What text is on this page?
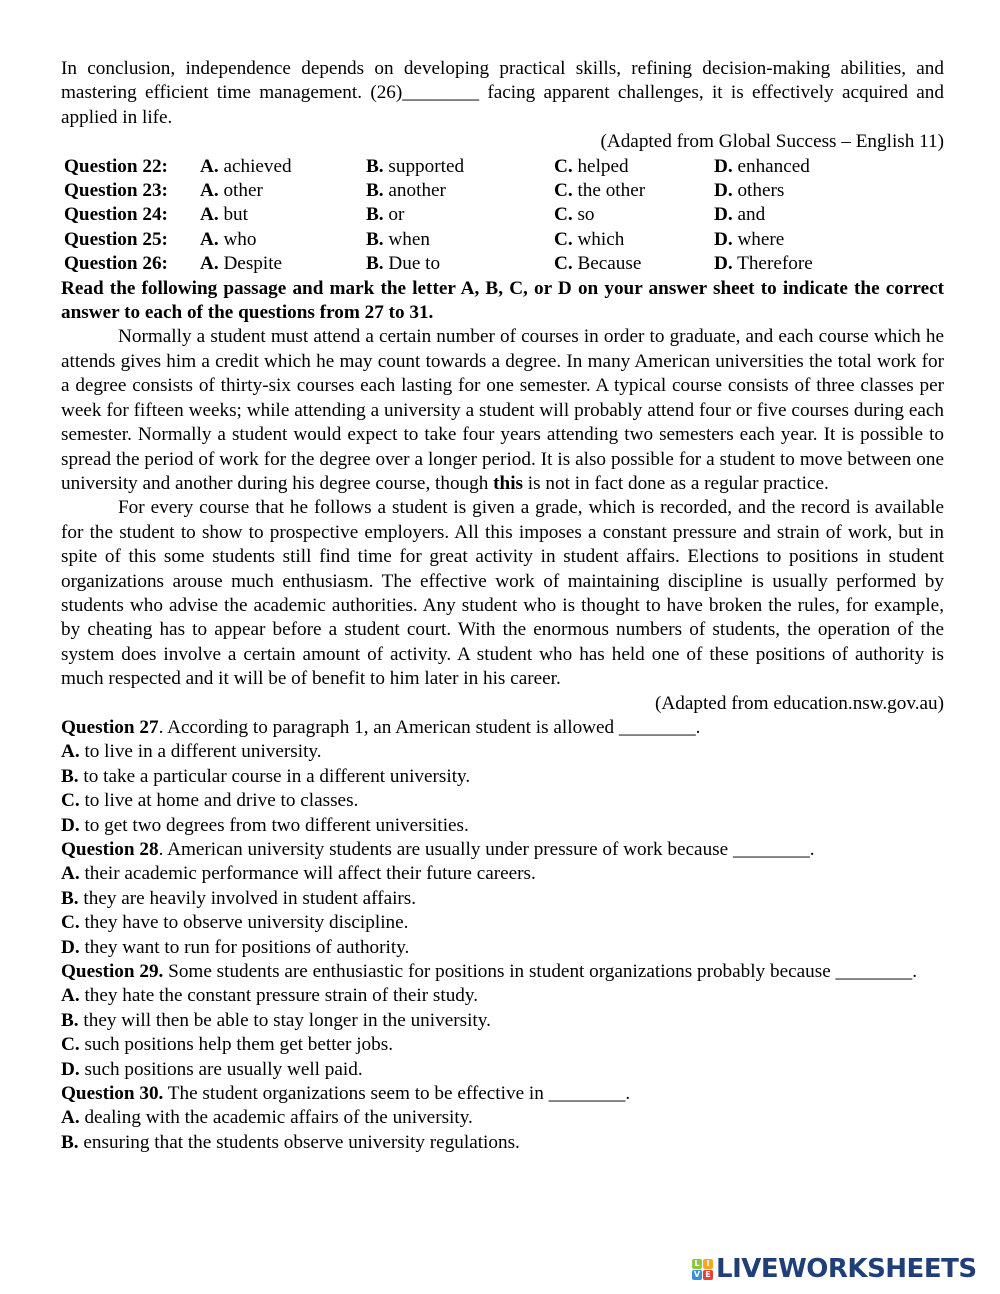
In conclusion, independence depends on developing practical skills, refining decision-making abilities, and mastering efficient time management. (26)________ facing apparent challenges, it is effectively acquired and applied in life.
(Adapted from Global Success – English 11)
Question 22:	A. achieved	B. supported	C. helped	D. enhanced
Question 23:	A. other	B. another	C. the other	D. others
Question 24:	A. but	B. or	C. so	D. and
Question 25:	A. who	B. when	C. which	D. where
Question 26:	A. Despite	B. Due to	C. Because	D. Therefore
Read the following passage and mark the letter A, B, C, or D on your answer sheet to indicate the correct answer to each of the questions from 27 to 31.
Normally a student must attend a certain number of courses in order to graduate, and each course which he attends gives him a credit which he may count towards a degree. In many American universities the total work for a degree consists of thirty-six courses each lasting for one semester. A typical course consists of three classes per week for fifteen weeks; while attending a university a student will probably attend four or five courses during each semester. Normally a student would expect to take four years attending two semesters each year. It is possible to spread the period of work for the degree over a longer period. It is also possible for a student to move between one university and another during his degree course, though this is not in fact done as a regular practice.
For every course that he follows a student is given a grade, which is recorded, and the record is available for the student to show to prospective employers. All this imposes a constant pressure and strain of work, but in spite of this some students still find time for great activity in student affairs. Elections to positions in student organizations arouse much enthusiasm. The effective work of maintaining discipline is usually performed by students who advise the academic authorities. Any student who is thought to have broken the rules, for example, by cheating has to appear before a student court. With the enormous numbers of students, the operation of the system does involve a certain amount of activity. A student who has held one of these positions of authority is much respected and it will be of benefit to him later in his career.
(Adapted from education.nsw.gov.au)
Question 27. According to paragraph 1, an American student is allowed ________.
A. to live in a different university.
B. to take a particular course in a different university.
C. to live at home and drive to classes.
D. to get two degrees from two different universities.
Question 28. American university students are usually under pressure of work because ________.
A. their academic performance will affect their future careers.
B. they are heavily involved in student affairs.
C. they have to observe university discipline.
D. they want to run for positions of authority.
Question 29. Some students are enthusiastic for positions in student organizations probably because ________.
A. they hate the constant pressure strain of their study.
B. they will then be able to stay longer in the university.
C. such positions help them get better jobs.
D. such positions are usually well paid.
Question 30. The student organizations seem to be effective in ________.
A. dealing with the academic affairs of the university.
B. ensuring that the students observe university regulations.
L I
V E LIVEWORKSHEETS
